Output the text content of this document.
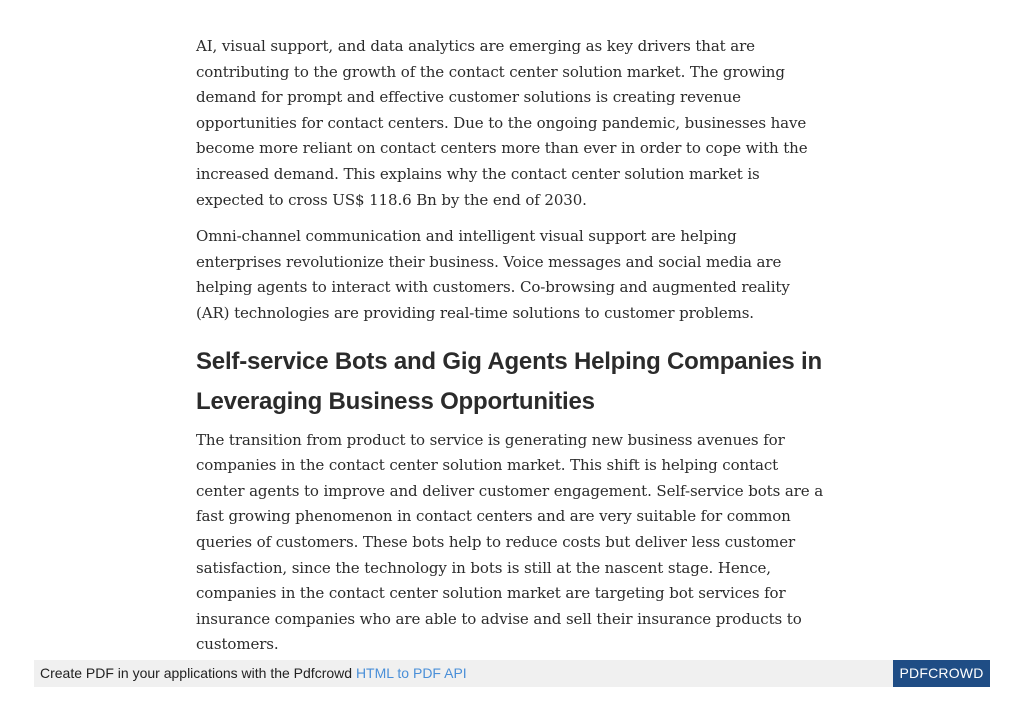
AI, visual support, and data analytics are emerging as key drivers that are contributing to the growth of the contact center solution market. The growing demand for prompt and effective customer solutions is creating revenue opportunities for contact centers. Due to the ongoing pandemic, businesses have become more reliant on contact centers more than ever in order to cope with the increased demand. This explains why the contact center solution market is expected to cross US$ 118.6 Bn by the end of 2030.

Omni-channel communication and intelligent visual support are helping enterprises revolutionize their business. Voice messages and social media are helping agents to interact with customers. Co-browsing and augmented reality (AR) technologies are providing real-time solutions to customer problems.

Self-service Bots and Gig Agents Helping Companies in Leveraging Business Opportunities

The transition from product to service is generating new business avenues for companies in the contact center solution market. This shift is helping contact center agents to improve and deliver customer engagement. Self-service bots are a fast growing phenomenon in contact centers and are very suitable for common queries of customers. These bots help to reduce costs but deliver less customer satisfaction, since the technology in bots is still at the nascent stage. Hence, companies in the contact center solution market are targeting bot services for insurance companies who are able to advise and sell their insurance products to customers.

Create PDF in your applications with the Pdfcrowd HTML to PDF API	PDFCROWD
